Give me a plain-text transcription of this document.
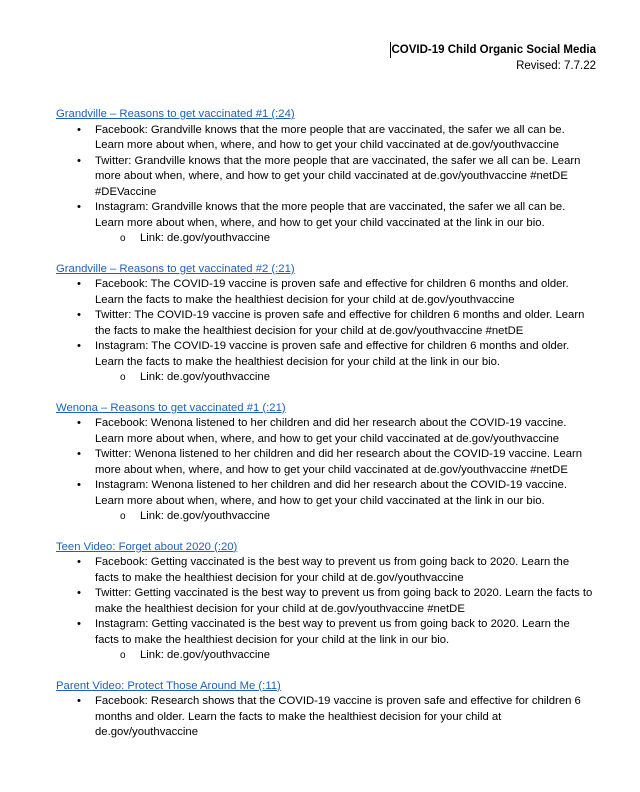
COVID-19 Child Organic Social Media
Revised: 7.7.22
Grandville – Reasons to get vaccinated #1 (:24)
• Facebook: Grandville knows that the more people that are vaccinated, the safer we all can be. Learn more about when, where, and how to get your child vaccinated at de.gov/youthvaccine
• Twitter: Grandville knows that the more people that are vaccinated, the safer we all can be. Learn more about when, where, and how to get your child vaccinated at de.gov/youthvaccine #netDE #DEVaccine
• Instagram: Grandville knows that the more people that are vaccinated, the safer we all can be. Learn more about when, where, and how to get your child vaccinated at the link in our bio.
o Link: de.gov/youthvaccine
Grandville – Reasons to get vaccinated #2 (:21)
• Facebook: The COVID-19 vaccine is proven safe and effective for children 6 months and older. Learn the facts to make the healthiest decision for your child at de.gov/youthvaccine
• Twitter: The COVID-19 vaccine is proven safe and effective for children 6 months and older. Learn the facts to make the healthiest decision for your child at de.gov/youthvaccine #netDE
• Instagram: The COVID-19 vaccine is proven safe and effective for children 6 months and older. Learn the facts to make the healthiest decision for your child at the link in our bio.
o Link: de.gov/youthvaccine
Wenona – Reasons to get vaccinated #1 (:21)
• Facebook: Wenona listened to her children and did her research about the COVID-19 vaccine. Learn more about when, where, and how to get your child vaccinated at de.gov/youthvaccine
• Twitter: Wenona listened to her children and did her research about the COVID-19 vaccine. Learn more about when, where, and how to get your child vaccinated at de.gov/youthvaccine #netDE
• Instagram: Wenona listened to her children and did her research about the COVID-19 vaccine. Learn more about when, where, and how to get your child vaccinated at the link in our bio.
o Link: de.gov/youthvaccine
Teen Video: Forget about 2020 (:20)
• Facebook: Getting vaccinated is the best way to prevent us from going back to 2020. Learn the facts to make the healthiest decision for your child at de.gov/youthvaccine
• Twitter: Getting vaccinated is the best way to prevent us from going back to 2020. Learn the facts to make the healthiest decision for your child at de.gov/youthvaccine #netDE
• Instagram: Getting vaccinated is the best way to prevent us from going back to 2020. Learn the facts to make the healthiest decision for your child at the link in our bio.
o Link: de.gov/youthvaccine
Parent Video: Protect Those Around Me (:11)
• Facebook: Research shows that the COVID-19 vaccine is proven safe and effective for children 6 months and older. Learn the facts to make the healthiest decision for your child at de.gov/youthvaccine
